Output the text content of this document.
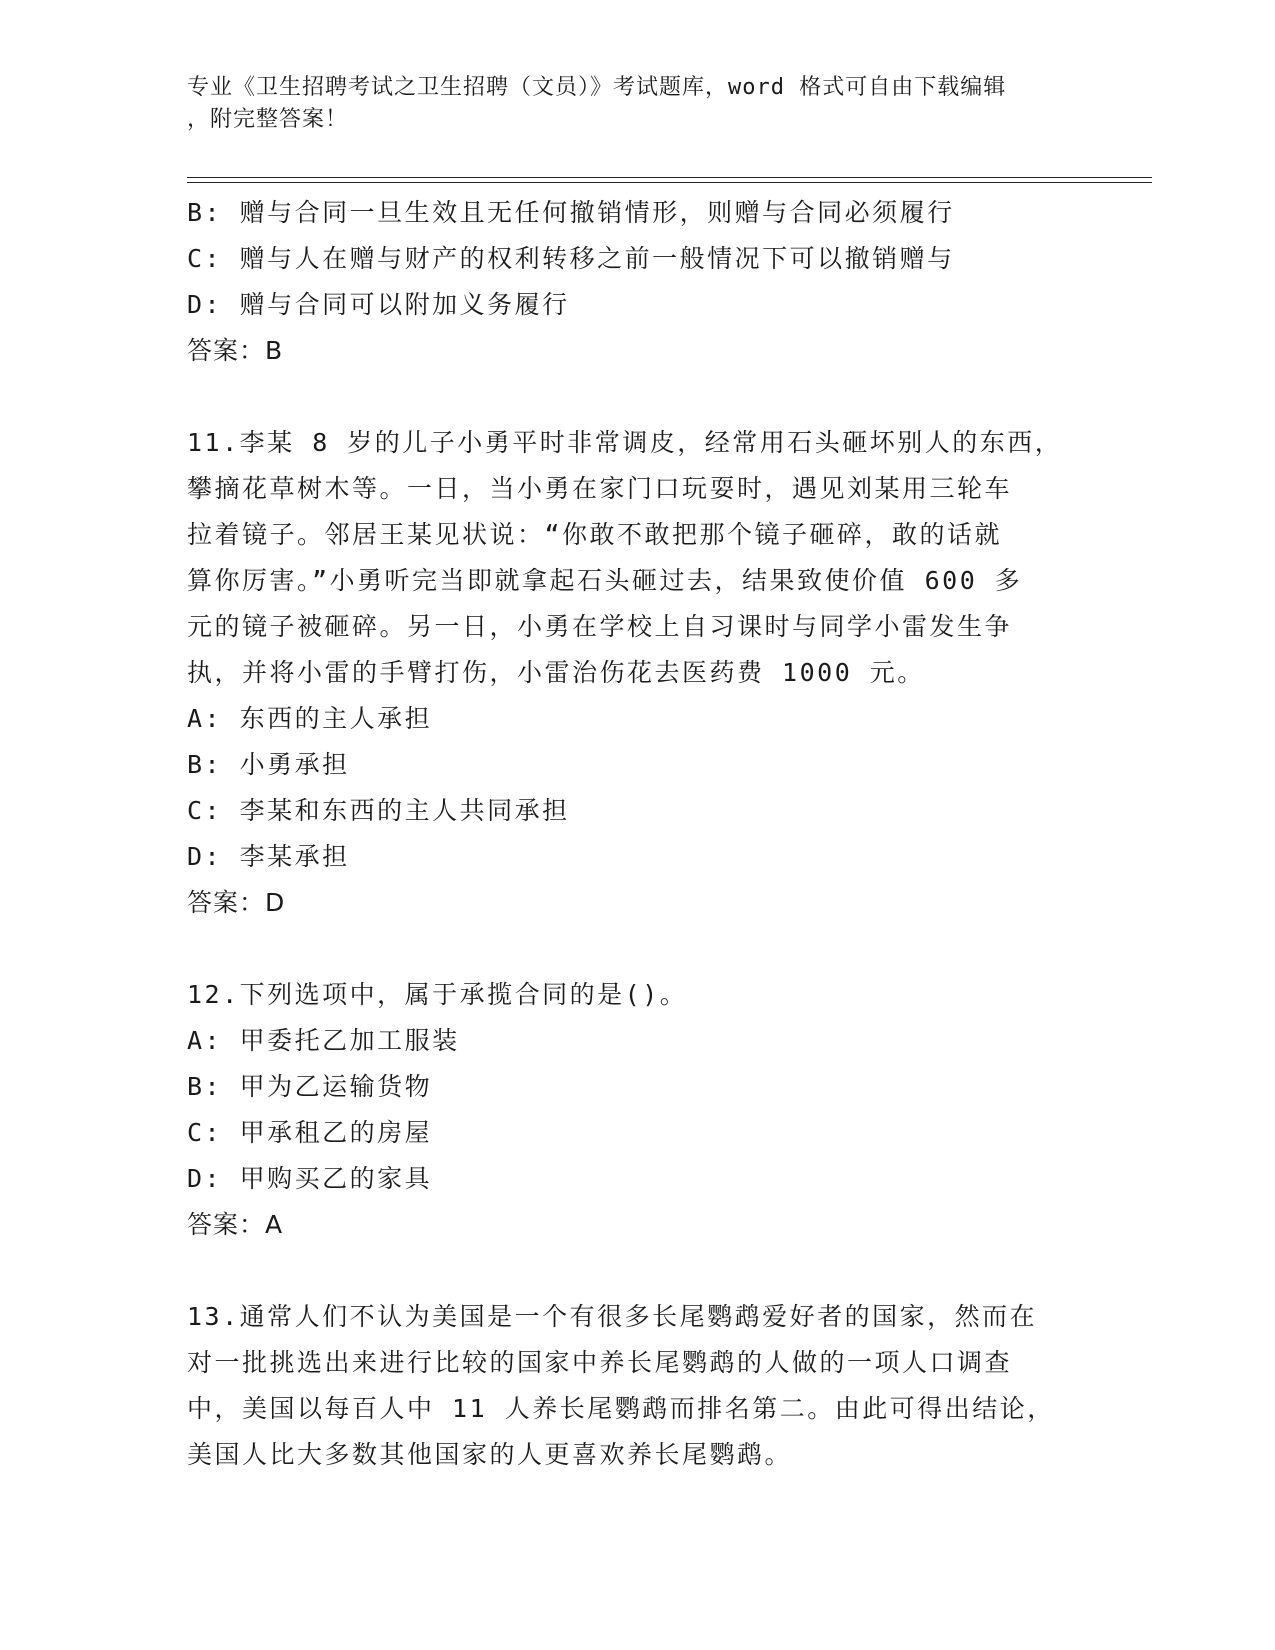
专业《卫生招聘考试之卫生招聘（文员）》考试题库，word 格式可自由下载编辑
，附完整答案！
B: 赠与合同一旦生效且无任何撤销情形，则赠与合同必须履行
C: 赠与人在赠与财产的权利转移之前一般情况下可以撤销赠与
D: 赠与合同可以附加义务履行
答案：B
11.李某 8 岁的儿子小勇平时非常调皮，经常用石头砸坏别人的东西，
攀摘花草树木等。一日，当小勇在家门口玩耍时，遇见刘某用三轮车
拉着镜子。邻居王某见状说：“你敢不敢把那个镜子砸碎，敢的话就
算你厉害。”小勇听完当即就拿起石头砸过去，结果致使价值 600 多
元的镜子被砸碎。另一日，小勇在学校上自习课时与同学小雷发生争
执，并将小雷的手臂打伤，小雷治伤花去医药费 1000 元。
A: 东西的主人承担
B: 小勇承担
C: 李某和东西的主人共同承担
D: 李某承担
答案：D
12.下列选项中，属于承揽合同的是()。
A: 甲委托乙加工服装
B: 甲为乙运输货物
C: 甲承租乙的房屋
D: 甲购买乙的家具
答案：A
13.通常人们不认为美国是一个有很多长尾鹦鹉爱好者的国家，然而在
对一批挑选出来进行比较的国家中养长尾鹦鹉的人做的一项人口调查
中，美国以每百人中 11 人养长尾鹦鹉而排名第二。由此可得出结论，
美国人比大多数其他国家的人更喜欢养长尾鹦鹉。
